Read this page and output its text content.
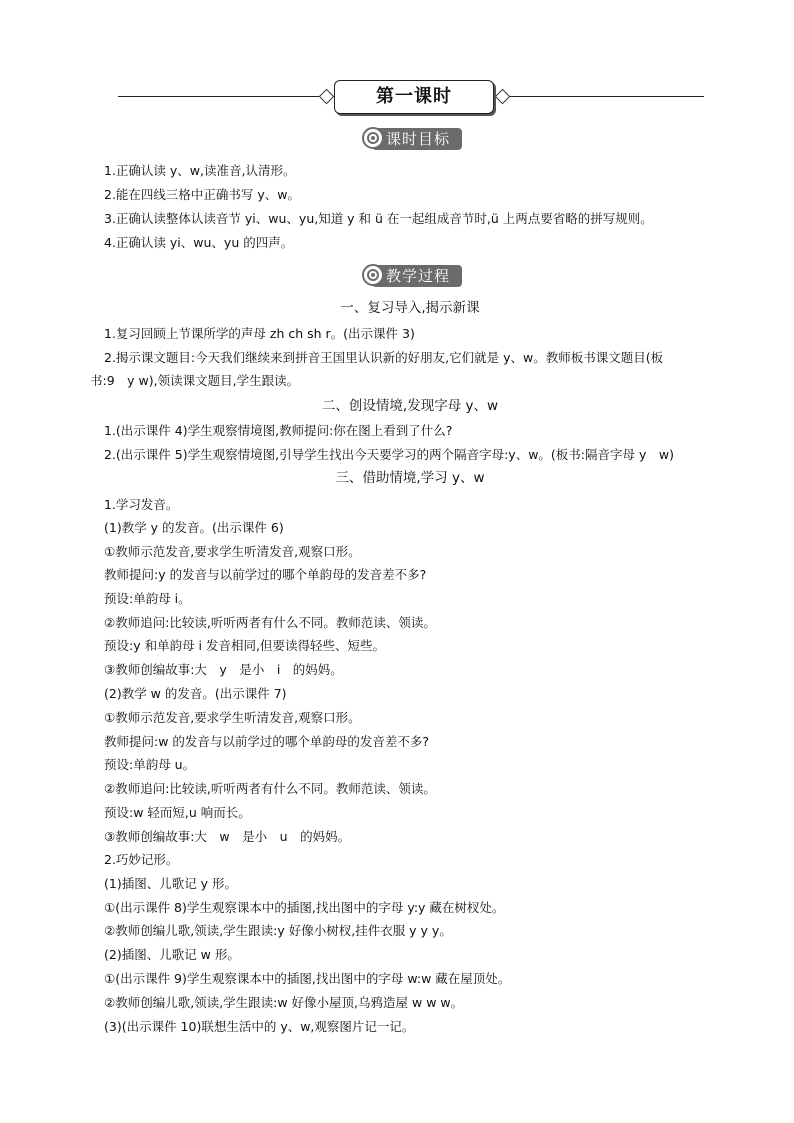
第一课时
课时目标
1.正确认读 y、w,读准音,认清形。
2.能在四线三格中正确书写 y、w。
3.正确认读整体认读音节 yi、wu、yu,知道 y 和 ü 在一起组成音节时,ü 上两点要省略的拼写规则。
4.正确认读 yi、wu、yu 的四声。
教学过程
一、复习导入,揭示新课
1.复习回顾上节课所学的声母 zh ch sh r。(出示课件 3)
2.揭示课文题目:今天我们继续来到拼音王国里认识新的好朋友,它们就是 y、w。教师板书课文题目(板
书:9　y w),领读课文题目,学生跟读。
二、创设情境,发现字母 y、w
1.(出示课件 4)学生观察情境图,教师提问:你在图上看到了什么?
2.(出示课件 5)学生观察情境图,引导学生找出今天要学习的两个隔音字母:y、w。(板书:隔音字母 y　w)
三、借助情境,学习 y、w
1.学习发音。
(1)教学 y 的发音。(出示课件 6)
①教师示范发音,要求学生听清发音,观察口形。
教师提问:y 的发音与以前学过的哪个单韵母的发音差不多?
预设:单韵母 i。
②教师追问:比较读,听听两者有什么不同。教师范读、领读。
预设:y 和单韵母 i 发音相同,但要读得轻些、短些。
③教师创编故事:大　y　是小　i　的妈妈。
(2)教学 w 的发音。(出示课件 7)
①教师示范发音,要求学生听清发音,观察口形。
教师提问:w 的发音与以前学过的哪个单韵母的发音差不多?
预设:单韵母 u。
②教师追问:比较读,听听两者有什么不同。教师范读、领读。
预设:w 轻而短,u 响而长。
③教师创编故事:大　w　是小　u　的妈妈。
2.巧妙记形。
(1)插图、儿歌记 y 形。
①(出示课件 8)学生观察课本中的插图,找出图中的字母 y:y 藏在树杈处。
②教师创编儿歌,领读,学生跟读:y 好像小树杈,挂件衣服 y y y。
(2)插图、儿歌记 w 形。
①(出示课件 9)学生观察课本中的插图,找出图中的字母 w:w 藏在屋顶处。
②教师创编儿歌,领读,学生跟读:w 好像小屋顶,乌鸦造屋 w w w。
(3)(出示课件 10)联想生活中的 y、w,观察图片记一记。
